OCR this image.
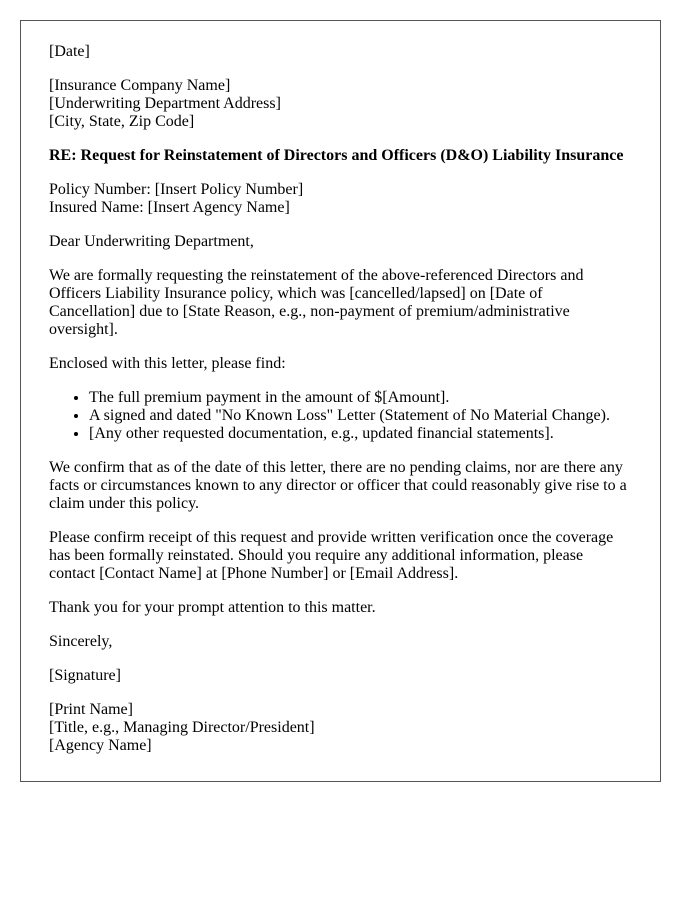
[Date]

[Insurance Company Name]
[Underwriting Department Address]
[City, State, Zip Code]

RE: Request for Reinstatement of Directors and Officers (D&O) Liability Insurance

Policy Number: [Insert Policy Number]
Insured Name: [Insert Agency Name]

Dear Underwriting Department,

We are formally requesting the reinstatement of the above-referenced Directors and Officers Liability Insurance policy, which was [cancelled/lapsed] on [Date of Cancellation] due to [State Reason, e.g., non-payment of premium/administrative oversight].

Enclosed with this letter, please find:

• The full premium payment in the amount of $[Amount].
• A signed and dated "No Known Loss" Letter (Statement of No Material Change).
• [Any other requested documentation, e.g., updated financial statements].

We confirm that as of the date of this letter, there are no pending claims, nor are there any facts or circumstances known to any director or officer that could reasonably give rise to a claim under this policy.

Please confirm receipt of this request and provide written verification once the coverage has been formally reinstated. Should you require any additional information, please contact [Contact Name] at [Phone Number] or [Email Address].

Thank you for your prompt attention to this matter.

Sincerely,

[Signature]

[Print Name]
[Title, e.g., Managing Director/President]
[Agency Name]
